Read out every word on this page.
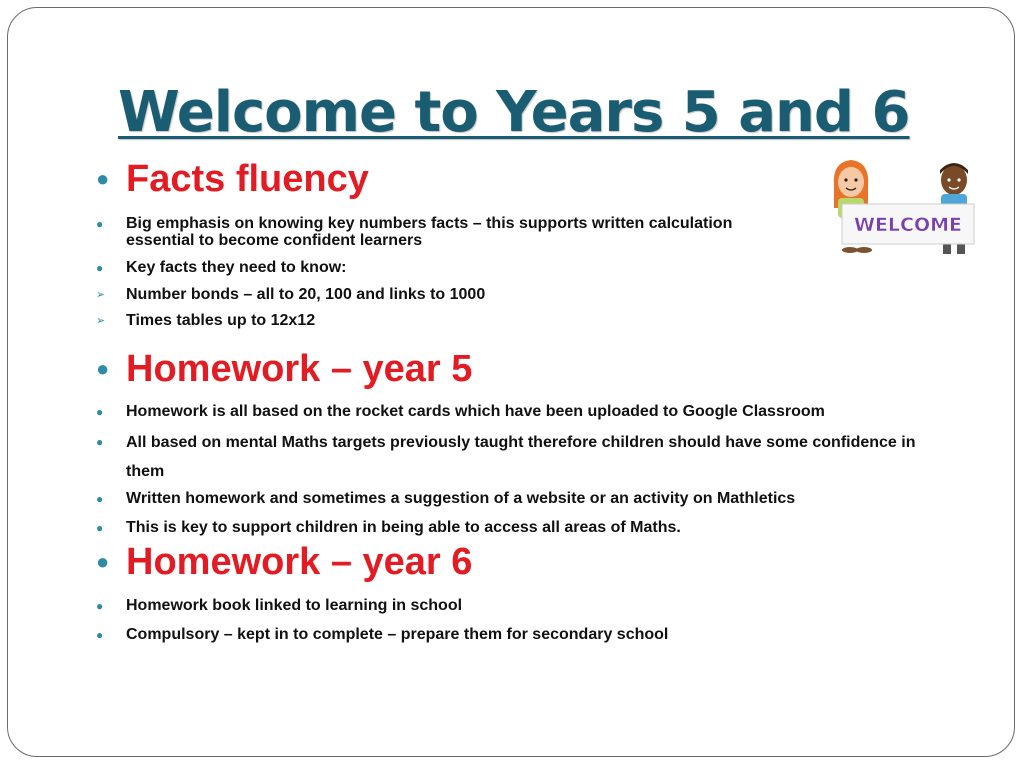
Welcome to Years 5 and 6
WELCOME
● Facts fluency
●	Big emphasis on knowing key numbers facts – this supports written calculation
essential to become confident learners
●	Key facts they need to know:
➢	Number bonds – all to 20, 100 and links to 1000
➢	Times tables up to 12x12
● Homework – year 5
●	Homework is all based on the rocket cards which have been uploaded to Google Classroom
●	All based on mental Maths targets previously taught therefore children should have some confidence in them
●	Written homework and sometimes a suggestion of a website or an activity on Mathletics
●	This is key to support children in being able to access all areas of Maths.
● Homework – year 6
●	Homework book linked to learning in school
●	Compulsory – kept in to complete – prepare them for secondary school
